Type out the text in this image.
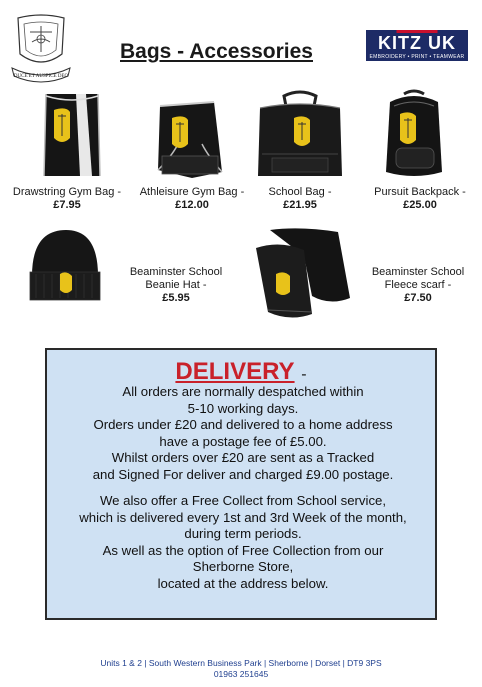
DUCE ET AUSPICE DEO
Bags - Accessories	KITZ UK
EMBROIDERY • PRINT • TEAMWEAR
Drawstring Gym Bag -
£7.95
Athleisure Gym Bag -
£12.00
School Bag -
£21.95
Pursuit Backpack -
£25.00
Beaminster School
Beanie Hat -
£5.95
Beaminster School
Fleece scarf -
£7.50
DELIVERY -
All orders are normally despatched within
5-10 working days.
Orders under £20 and delivered to a home address
have a postage fee of £5.00.
Whilst orders over £20 are sent as a Tracked
and Signed For deliver and charged £9.00 postage.
We also offer a Free Collect from School service,
which is delivered every 1st and 3rd Week of the month,
during term periods.
As well as the option of Free Collection from our
Sherborne Store,
located at the address below.
Units 1 & 2 | South Western Business Park | Sherborne | Dorset | DT9 3PS
01963 251645
